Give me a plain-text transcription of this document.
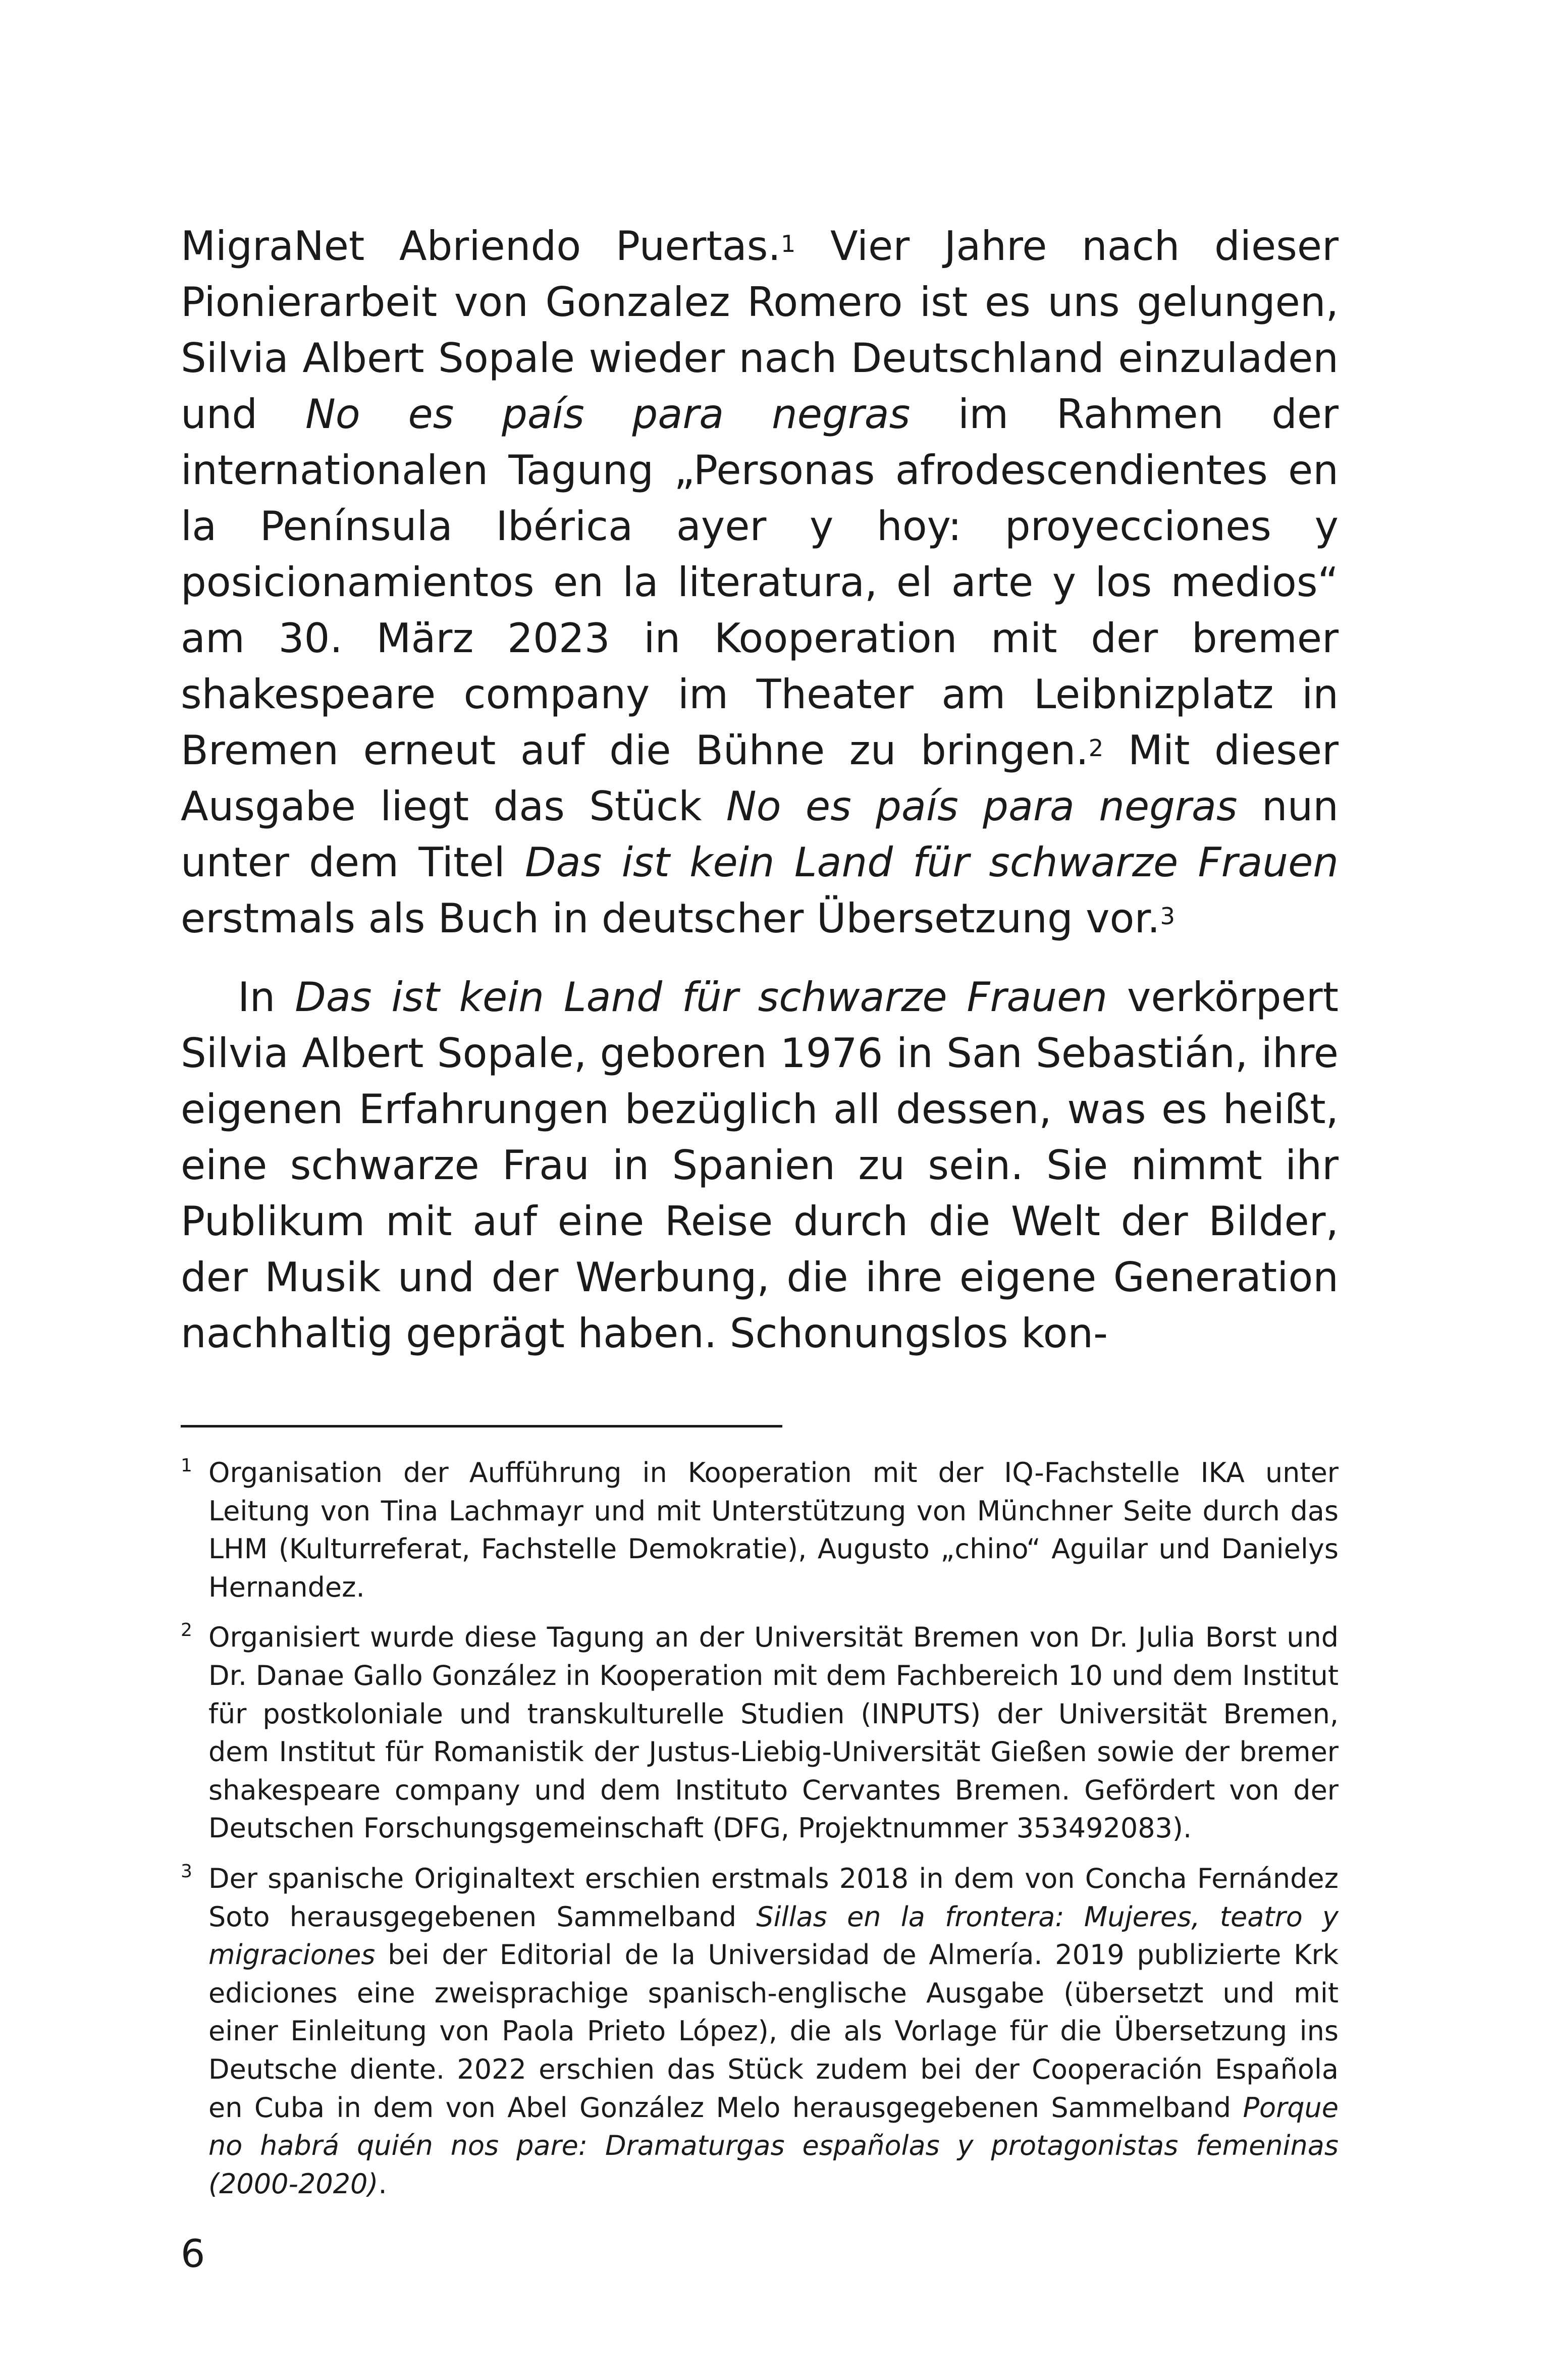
MigraNet Abriendo Puertas.$^1$ Vier Jahre nach dieser Pionierarbeit von Gonzalez Romero ist es uns gelungen, Silvia Albert Sopale wieder nach Deutschland einzuladen und No es país para negras im Rahmen der internationalen Tagung „Personas afrodescendientes en la Península Ibérica ayer y hoy: proyecciones y posicionamientos en la literatura, el arte y los medios“ am 30. März 2023 in Kooperation mit der bremer shakespeare company im Theater am Leibnizplatz in Bremen erneut auf die Bühne zu bringen.$^2$ Mit dieser Ausgabe liegt das Stück No es país para negras nun unter dem Titel Das ist kein Land für schwarze Frauen erstmals als Buch in deutscher Übersetzung vor.$^3$

In Das ist kein Land für schwarze Frauen verkörpert Silvia Albert Sopale, geboren 1976 in San Sebastián, ihre eigenen Erfahrungen bezüglich all dessen, was es heißt, eine schwarze Frau in Spanien zu sein. Sie nimmt ihr Publikum mit auf eine Reise durch die Welt der Bilder, der Musik und der Werbung, die ihre eigene Generation nachhaltig geprägt haben. Schonungslos kon-

1 Organisation der Aufführung in Kooperation mit der IQ-Fachstelle IKA unter Leitung von Tina Lachmayr und mit Unterstützung von Münchner Seite durch das LHM (Kulturreferat, Fachstelle Demokratie), Augusto „chino“ Aguilar und Danielys Hernandez.

2 Organisiert wurde diese Tagung an der Universität Bremen von Dr. Julia Borst und Dr. Danae Gallo González in Kooperation mit dem Fachbereich 10 und dem Institut für postkoloniale und transkulturelle Studien (INPUTS) der Universität Bremen, dem Institut für Romanistik der Justus-Liebig-Universität Gießen sowie der bremer shakespeare company und dem Instituto Cervantes Bremen. Gefördert von der Deutschen Forschungsgemeinschaft (DFG, Projektnummer 353492083).

3 Der spanische Originaltext erschien erstmals 2018 in dem von Concha Fernández Soto herausgegebenen Sammelband Sillas en la frontera: Mujeres, teatro y migraciones bei der Editorial de la Universidad de Almería. 2019 publizierte Krk ediciones eine zweisprachige spanisch-englische Ausgabe (übersetzt und mit einer Einleitung von Paola Prieto López), die als Vorlage für die Übersetzung ins Deutsche diente. 2022 erschien das Stück zudem bei der Cooperación Española en Cuba in dem von Abel González Melo herausgegebenen Sammelband Porque no habrá quién nos pare: Dramaturgas españolas y protagonistas femeninas (2000-2020).

6
